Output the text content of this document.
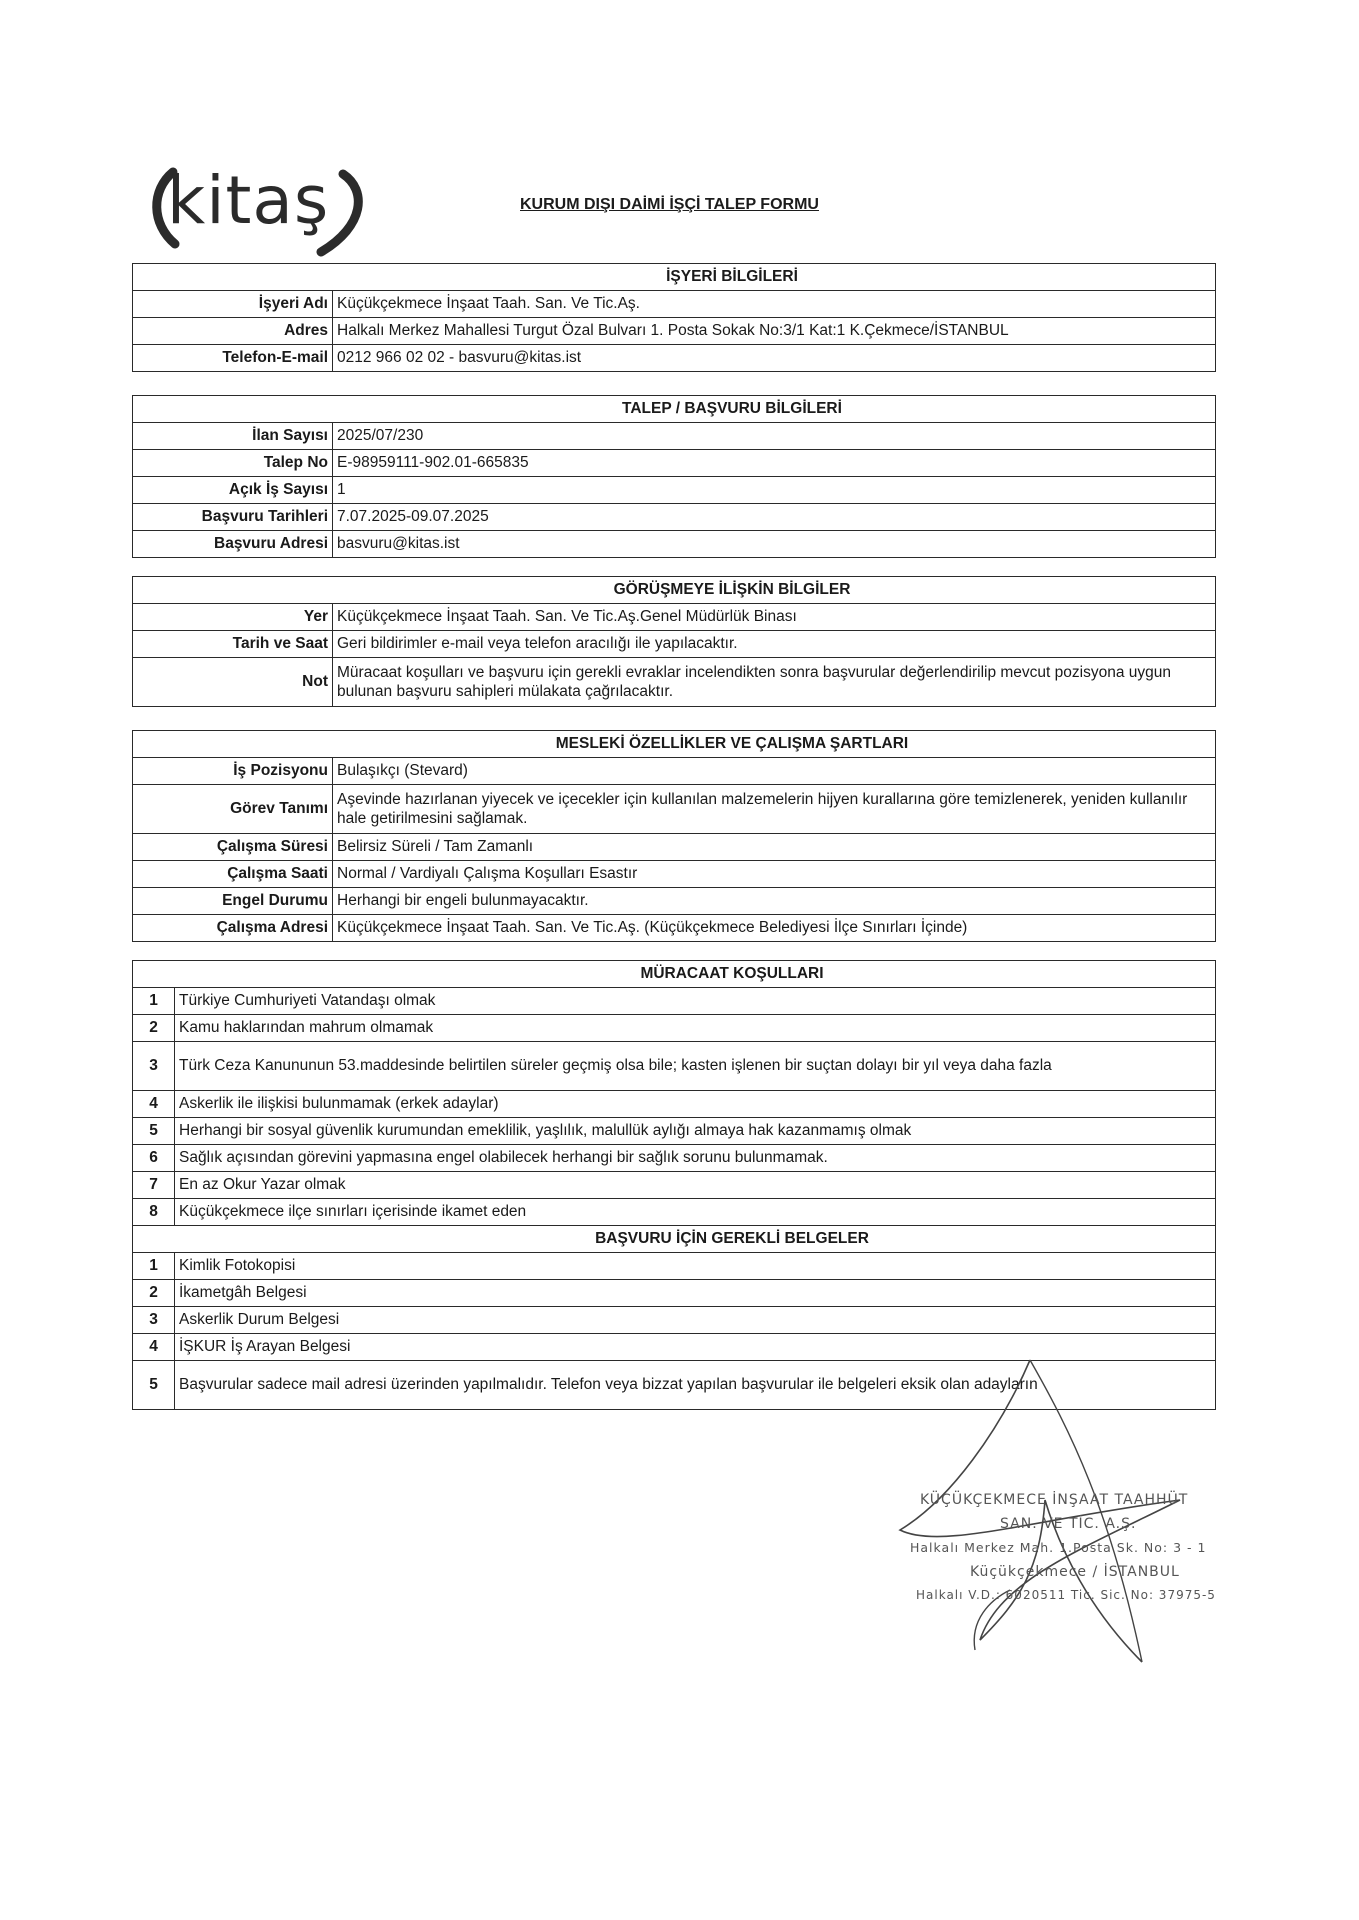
kitaş	KURUM DIŞI DAİMİ İŞÇİ TALEP FORMU
İŞYERİ BİLGİLERİ	
İşyeri Adı	Küçükçekmece İnşaat Taah. San. Ve Tic.Aş.
Adres	Halkalı Merkez Mahallesi Turgut Özal Bulvarı 1. Posta Sokak No:3/1 Kat:1 K.Çekmece/İSTANBUL
Telefon-E-mail	0212 966 02 02 - basvuru@kitas.ist
TALEP / BAŞVURU BİLGİLERİ	
İlan Sayısı	2025/07/230
Talep No	E-98959111-902.01-665835
Açık İş Sayısı	1
Başvuru Tarihleri	7.07.2025-09.07.2025
Başvuru Adresi	basvuru@kitas.ist
GÖRÜŞMEYE İLİŞKİN BİLGİLER	
Yer	Küçükçekmece İnşaat Taah. San. Ve Tic.Aş.Genel Müdürlük Binası
Tarih ve Saat	Geri bildirimler e-mail veya telefon aracılığı ile yapılacaktır.
Not	Müracaat koşulları ve başvuru için gerekli evraklar incelendikten sonra başvurular değerlendirilip mevcut pozisyona uygun bulunan başvuru sahipleri mülakata çağrılacaktır.
MESLEKİ ÖZELLİKLER VE ÇALIŞMA ŞARTLARI	
İş Pozisyonu	Bulaşıkçı (Stevard)
Görev Tanımı	Aşevinde hazırlanan yiyecek ve içecekler için kullanılan malzemelerin hijyen kurallarına göre temizlenerek, yeniden kullanılır hale getirilmesini sağlamak.
Çalışma Süresi	Belirsiz Süreli / Tam Zamanlı
Çalışma Saati	Normal / Vardiyalı Çalışma Koşulları Esastır
Engel Durumu	Herhangi bir engeli bulunmayacaktır.
Çalışma Adresi	Küçükçekmece İnşaat Taah. San. Ve Tic.Aş. (Küçükçekmece Belediyesi İlçe Sınırları İçinde)
MÜRACAAT KOŞULLARI	
1	Türkiye Cumhuriyeti Vatandaşı olmak
2	Kamu haklarından mahrum olmamak
3	Türk Ceza Kanununun 53.maddesinde belirtilen süreler geçmiş olsa bile; kasten işlenen bir suçtan dolayı bir yıl veya daha fazla
4	Askerlik ile ilişkisi bulunmamak (erkek adaylar)
5	Herhangi bir sosyal güvenlik kurumundan emeklilik, yaşlılık, malullük aylığı almaya hak kazanmamış olmak
6	Sağlık açısından görevini yapmasına engel olabilecek herhangi bir sağlık sorunu bulunmamak.
7	En az Okur Yazar olmak
8	Küçükçekmece ilçe sınırları içerisinde ikamet eden
BAŞVURU İÇİN GEREKLİ BELGELER	
1	Kimlik Fotokopisi
2	İkametgâh Belgesi
3	Askerlik Durum Belgesi
4	İŞKUR İş Arayan Belgesi
5	Başvurular sadece mail adresi üzerinden yapılmalıdır. Telefon veya bizzat yapılan başvurular ile belgeleri eksik olan adayların
KÜÇÜKÇEKMECE İNŞAAT TAAHHÜT
SAN. VE TİC. A.Ş.
Halkalı Merkez Mah. 1.Posta Sk. No: 3 - 1
Küçükçekmece / İSTANBUL
Halkalı V.D.: 6020511 Tic. Sic. No: 37975-5
